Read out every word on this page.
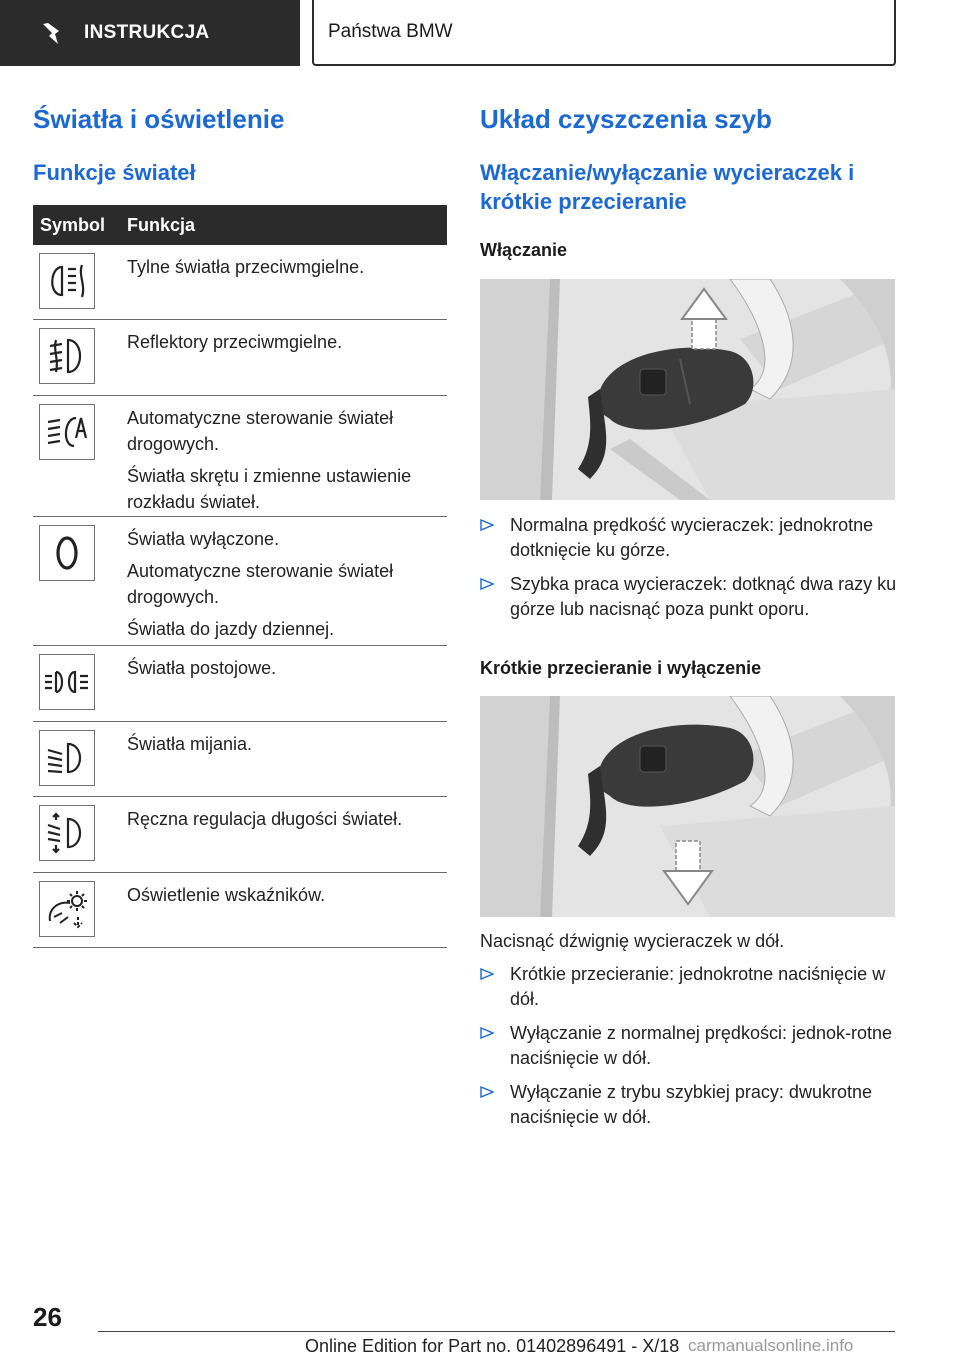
INSTRUKCJA	Państwa BMW
Światła i oświetlenie
Funkcje świateł
Symbol	Funkcja

Tylne światła przeciwmgielne.

Reflektory przeciwmgielne.

Automatyczne sterowanie świateł drogowych.

Światła skrętu i zmienne ustawienie rozkładu świateł.

Światła wyłączone.

Automatyczne sterowanie świateł drogowych.

Światła do jazdy dziennej.

Światła postojowe.

Światła mijania.

Ręczna regulacja długości świateł.

Oświetlenie wskaźników.

Układ czyszczenia szyb
Włączanie/wyłączanie wycieraczek i krótkie przecieranie
Włączanie
Normalna prędkość wycieraczek: jednokrotne dotknięcie ku górze.
Szybka praca wycieraczek: dotknąć dwa razy ku górze lub nacisnąć poza punkt oporu.
Krótkie przecieranie i wyłączenie
Nacisnąć dźwignię wycieraczek w dół.
Krótkie przecieranie: jednokrotne naciśnięcie w dół.
Wyłączanie z normalnej prędkości: jednok-rotne naciśnięcie w dół.
Wyłączanie z trybu szybkiej pracy: dwukrotne naciśnięcie w dół.
26
Online Edition for Part no. 01402896491 - X/18 carmanualsonline.info
